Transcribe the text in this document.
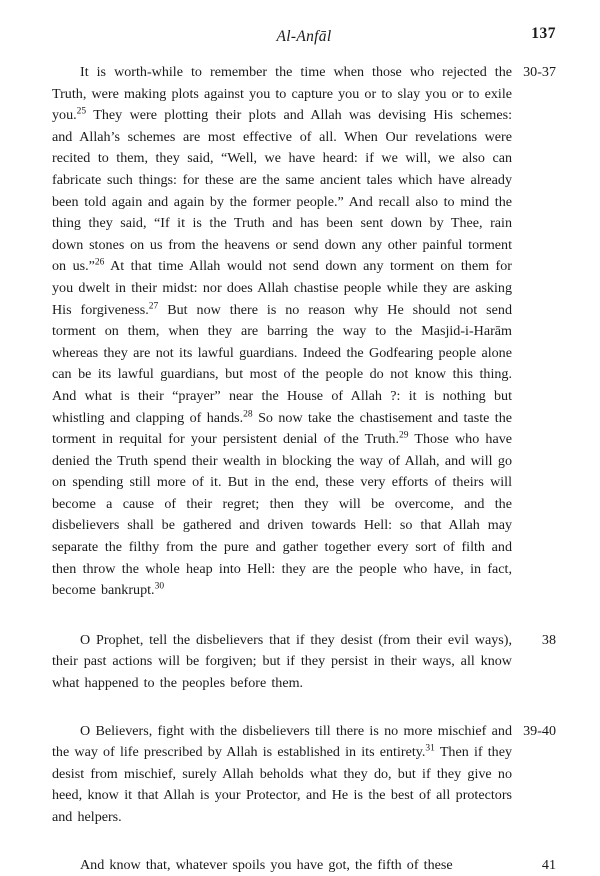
Al-Anfāl	137
30-37
It is worth-while to remember the time when those who rejected the Truth, were making plots against you to capture you or to slay you or to exile you.$^{25}$ They were plotting their plots and Allah was devising His schemes: and Allah’s schemes are most effective of all. When Our revelations were recited to them, they said, “Well, we have heard: if we will, we also can fabricate such things: for these are the same ancient tales which have already been told again and again by the former people.” And recall also to mind the thing they said, “If it is the Truth and has been sent down by Thee, rain down stones on us from the heavens or send down any other painful torment on us.”$^{26}$ At that time Allah would not send down any torment on them for you dwelt in their midst: nor does Allah chastise people while they are asking His forgiveness.$^{27}$ But now there is no reason why He should not send torment on them, when they are barring the way to the Masjid-i-Harām whereas they are not its lawful guardians. Indeed the Godfearing people alone can be its lawful guardians, but most of the people do not know this thing. And what is their “prayer” near the House of Allah ?: it is nothing but whistling and clapping of hands.$^{28}$ So now take the chastisement and taste the torment in requital for your persistent denial of the Truth.$^{29}$ Those who have denied the Truth spend their wealth in blocking the way of Allah, and will go on spending still more of it. But in the end, these very efforts of theirs will become a cause of their regret; then they will be overcome, and the disbelievers shall be gathered and driven towards Hell: so that Allah may separate the filthy from the pure and gather together every sort of filth and then throw the whole heap into Hell: they are the people who have, in fact, become bankrupt.$^{30}$
38
O Prophet, tell the disbelievers that if they desist (from their evil ways), their past actions will be forgiven; but if they persist in their ways, all know what happened to the peoples before them.
39-40
O Believers, fight with the disbelievers till there is no more mischief and the way of life prescribed by Allah is established in its entirety.$^{31}$ Then if they desist from mischief, surely Allah beholds what they do, but if they give no heed, know it that Allah is your Protector, and He is the best of all protectors and helpers.
41
And know that, whatever spoils you have got, the fifth of these
